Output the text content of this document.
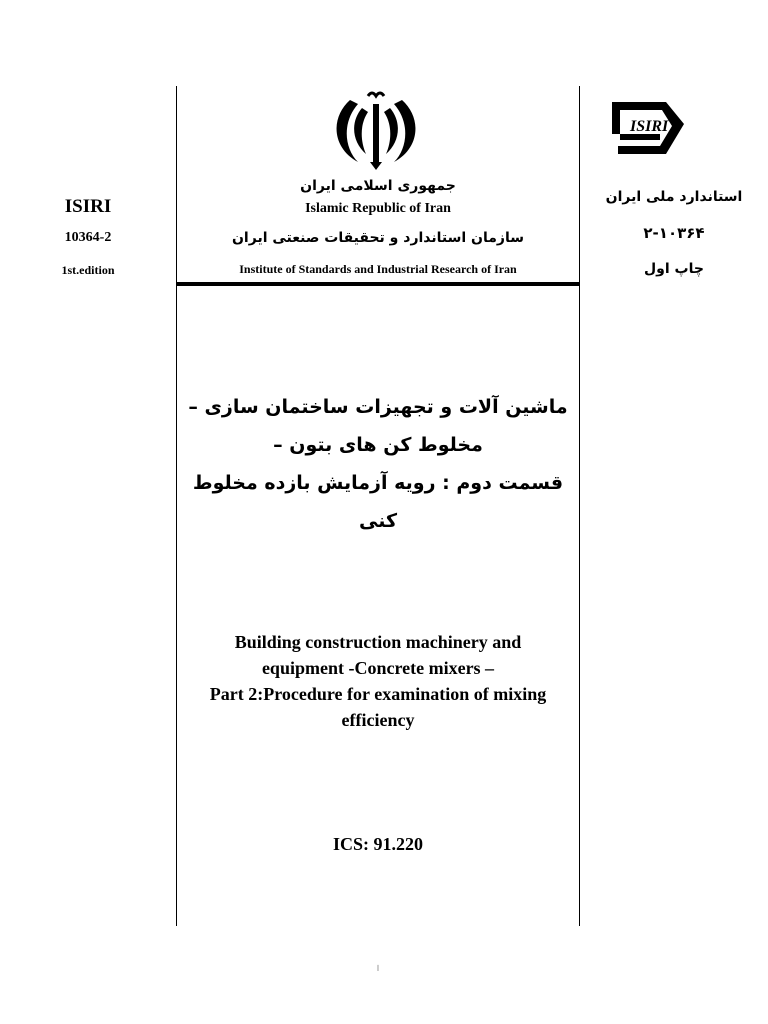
جمهوری اسلامی ایران
Islamic Republic of Iran
سازمان استاندارد و تحقیقات صنعتی ایران
Institute of Standards and Industrial Research of Iran
ISIRI
10364-2
1st.edition
ISIRI
استاندارد ملی ایران
۲-۱۰۳۶۴
چاپ اول
ماشین آلات و تجهیزات ساختمان سازی –
مخلوط کن های بتون –
قسمت دوم : رویه آزمایش بازده مخلوط کنی
Building construction machinery and
equipment -Concrete mixers –
Part 2:Procedure for examination of mixing
efficiency
ICS: 91.220
ا
